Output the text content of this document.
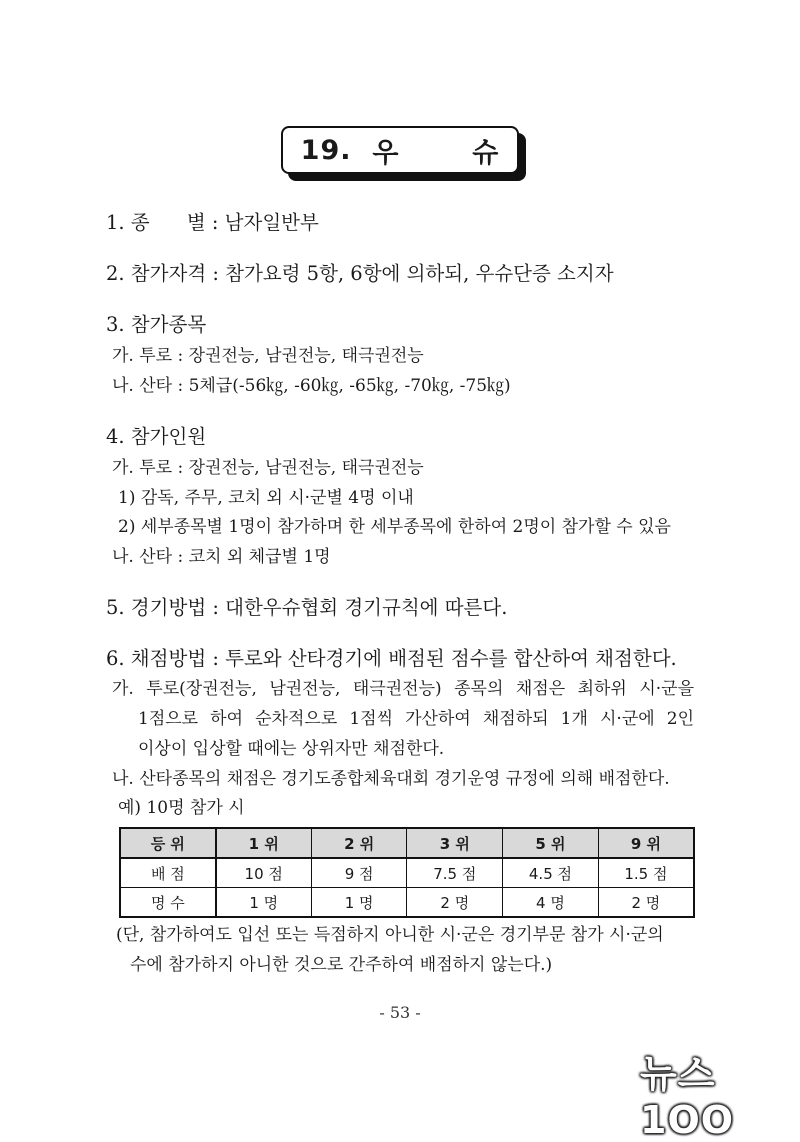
19.
우
	슈
1. 종      별 : 남자일반부
2. 참가자격 : 참가요령 5항, 6항에 의하되, 우슈단증 소지자
3. 참가종목
가. 투로 : 장권전능, 남권전능, 태극권전능
나. 산타 : 5체급(-56㎏, -60㎏, -65㎏, -70㎏, -75㎏)
4. 참가인원
가. 투로 : 장권전능, 남권전능, 태극권전능
1) 감독, 주무, 코치 외 시·군별 4명 이내
2) 세부종목별 1명이 참가하며 한 세부종목에 한하여 2명이 참가할 수 있음
나. 산타 : 코치 외 체급별 1명
5. 경기방법 : 대한우슈협회 경기규칙에 따른다.
6. 채점방법 : 투로와 산타경기에 배점된 점수를 합산하여 채점한다.
가. 투로(장권전능, 남권전능, 태극권전능) 종목의 채점은 최하위 시·군을
1점으로 하여 순차적으로 1점씩 가산하여 채점하되 1개 시·군에 2인
이상이 입상할 때에는 상위자만 채점한다.
나. 산타종목의 채점은 경기도종합체육대회 경기운영 규정에 의해 배점한다.
예) 10명 참가 시
등 위	1 위	2 위	3 위	5 위	9 위
배 점	10 점	9 점	7.5 점	4.5 점	1.5 점
명 수	1 명	1 명	2 명	4 명	2 명
(단, 참가하여도 입선 또는 득점하지 아니한 시·군은 경기부문 참가 시·군의
수에 참가하지 아니한 것으로 간주하여 배점하지 않는다.)
- 53 -
뉴스1OO
